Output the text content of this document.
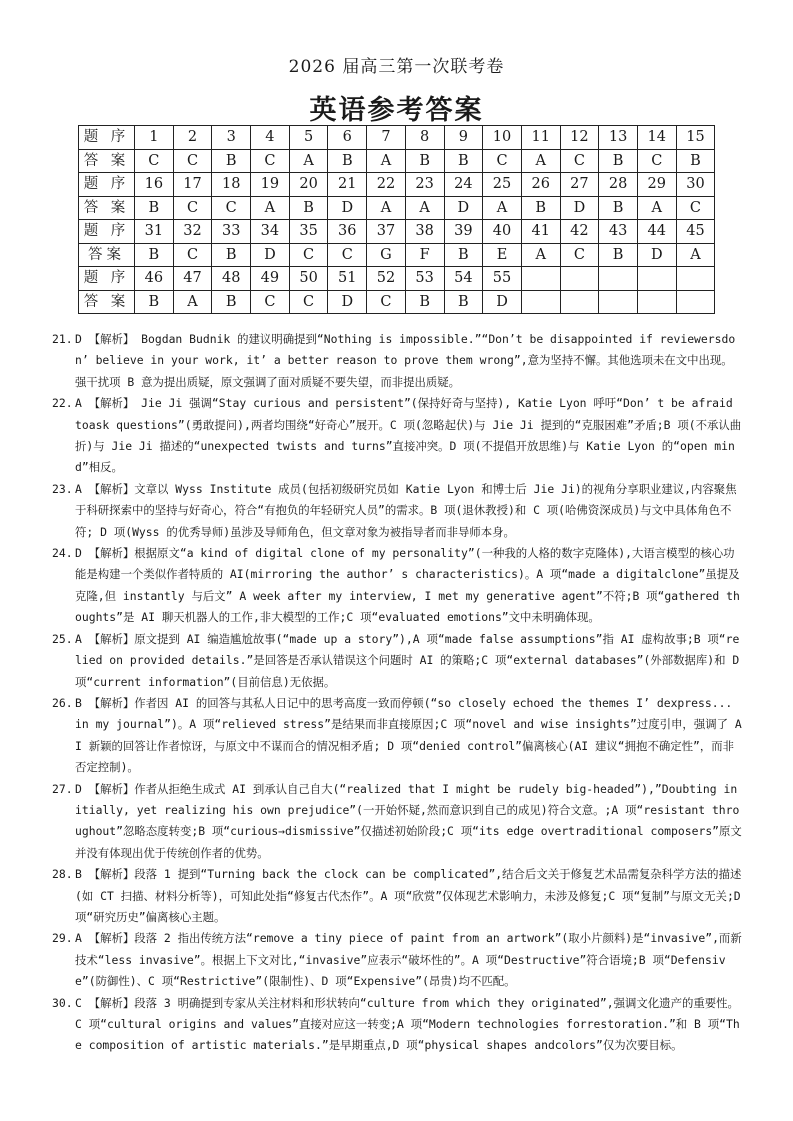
2026 届高三第一次联考卷
英语参考答案
题 序	1	2	3	4	5	6	7	8	9	10	11	12	13	14	15
答 案	C	C	B	C	A	B	A	B	B	C	A	C	B	C	B
题 序	16	17	18	19	20	21	22	23	24	25	26	27	28	29	30
答 案	B	C	C	A	B	D	A	A	D	A	B	D	B	A	C
题 序	31	32	33	34	35	36	37	38	39	40	41	42	43	44	45
答案	B	C	B	D	C	C	G	F	B	E	A	C	B	D	A
题 序	46	47	48	49	50	51	52	53	54	55					
答 案	B	A	B	C	C	D	C	B	B	D					
21. D 【解析】 Bogdan Budnik 的建议明确提到“Nothing is impossible.”“Don’t be disappointed if reviewersdon’ believe in your work, it’ a better reason to prove them wrong”,意为坚持不懈。其他选项未在文中出现。强干扰项 B 意为提出质疑，原文强调了面对质疑不要失望，而非提出质疑。
22. A 【解析】 Jie Ji 强调“Stay curious and persistent”(保持好奇与坚持), Katie Lyon 呼吁“Don’ t be afraid toask questions”(勇敢提问),两者均围绕“好奇心”展开。C 项(忽略起伏)与 Jie Ji 提到的“克服困难”矛盾;B 项(不承认曲折)与 Jie Ji 描述的“unexpected twists and turns”直接冲突。D 项(不提倡开放思维)与 Katie Lyon 的“open mind”相反。
23. A 【解析】文章以 Wyss Institute 成员(包括初级研究员如 Katie Lyon 和博士后 Jie Ji)的视角分享职业建议,内容聚焦于科研探索中的坚持与好奇心，符合“有抱负的年轻研究人员”的需求。B 项(退休教授)和 C 项(哈佛资深成员)与文中具体角色不符; D 项(Wyss 的优秀导师)虽涉及导师角色，但文章对象为被指导者而非导师本身。
24. D 【解析】根据原文“a kind of digital clone of my personality”(一种我的人格的数字克隆体),大语言模型的核心功能是构建一个类似作者特质的 AI(mirroring the author’ s characteristics)。A 项“made a digitalclone”虽提及克隆,但 instantly 与后文” A week after my interview, I met my generative agent”不符;B 项“gathered thoughts”是 AI 聊天机器人的工作,非大模型的工作;C 项“evaluated emotions”文中未明确体现。
25. A 【解析】原文提到 AI 编造尴尬故事(“made up a story”),A 项“made false assumptions”指 AI 虚构故事;B 项“relied on provided details.”是回答是否承认错误这个问题时 AI 的策略;C 项“external databases”(外部数据库)和 D 项“current information”(目前信息)无依据。
26. B 【解析】作者因 AI 的回答与其私人日记中的思考高度一致而停顿(“so closely echoed the themes I’ dexpress... in my journal”)。A 项“relieved stress”是结果而非直接原因;C 项“novel and wise insights”过度引申，强调了 AI 新颖的回答让作者惊讶，与原文中不谋而合的情况相矛盾; D 项“denied control”偏离核心(AI 建议“拥抱不确定性”，而非否定控制)。
27. D 【解析】作者从拒绝生成式 AI 到承认自己自大(“realized that I might be rudely big-headed”),”Doubting initially, yet realizing his own prejudice”(一开始怀疑,然而意识到自己的成见)符合文意。;A 项“resistant throughout”忽略态度转变;B 项“curious→dismissive”仅描述初始阶段;C 项“its edge overtraditional composers”原文并没有体现出优于传统创作者的优势。
28. B 【解析】段落 1 提到“Turning back the clock can be complicated”,结合后文关于修复艺术品需复杂科学方法的描述(如 CT 扫描、材料分析等)，可知此处指“修复古代杰作”。A 项“欣赏”仅体现艺术影响力，未涉及修复;C 项“复制”与原文无关;D 项“研究历史”偏离核心主题。
29. A 【解析】段落 2 指出传统方法“remove a tiny piece of paint from an artwork”(取小片颜料)是“invasive”,而新技术“less invasive”。根据上下文对比,“invasive”应表示“破坏性的”。A 项“Destructive”符合语境;B 项“Defensive”(防御性)、C 项“Restrictive”(限制性)、D 项“Expensive”(昂贵)均不匹配。
30. C 【解析】段落 3 明确提到专家从关注材料和形状转向“culture from which they originated”,强调文化遗产的重要性。C 项“cultural origins and values”直接对应这一转变;A 项“Modern technologies forrestoration.”和 B 项“The composition of artistic materials.”是早期重点,D 项“physical shapes andcolors”仅为次要目标。
